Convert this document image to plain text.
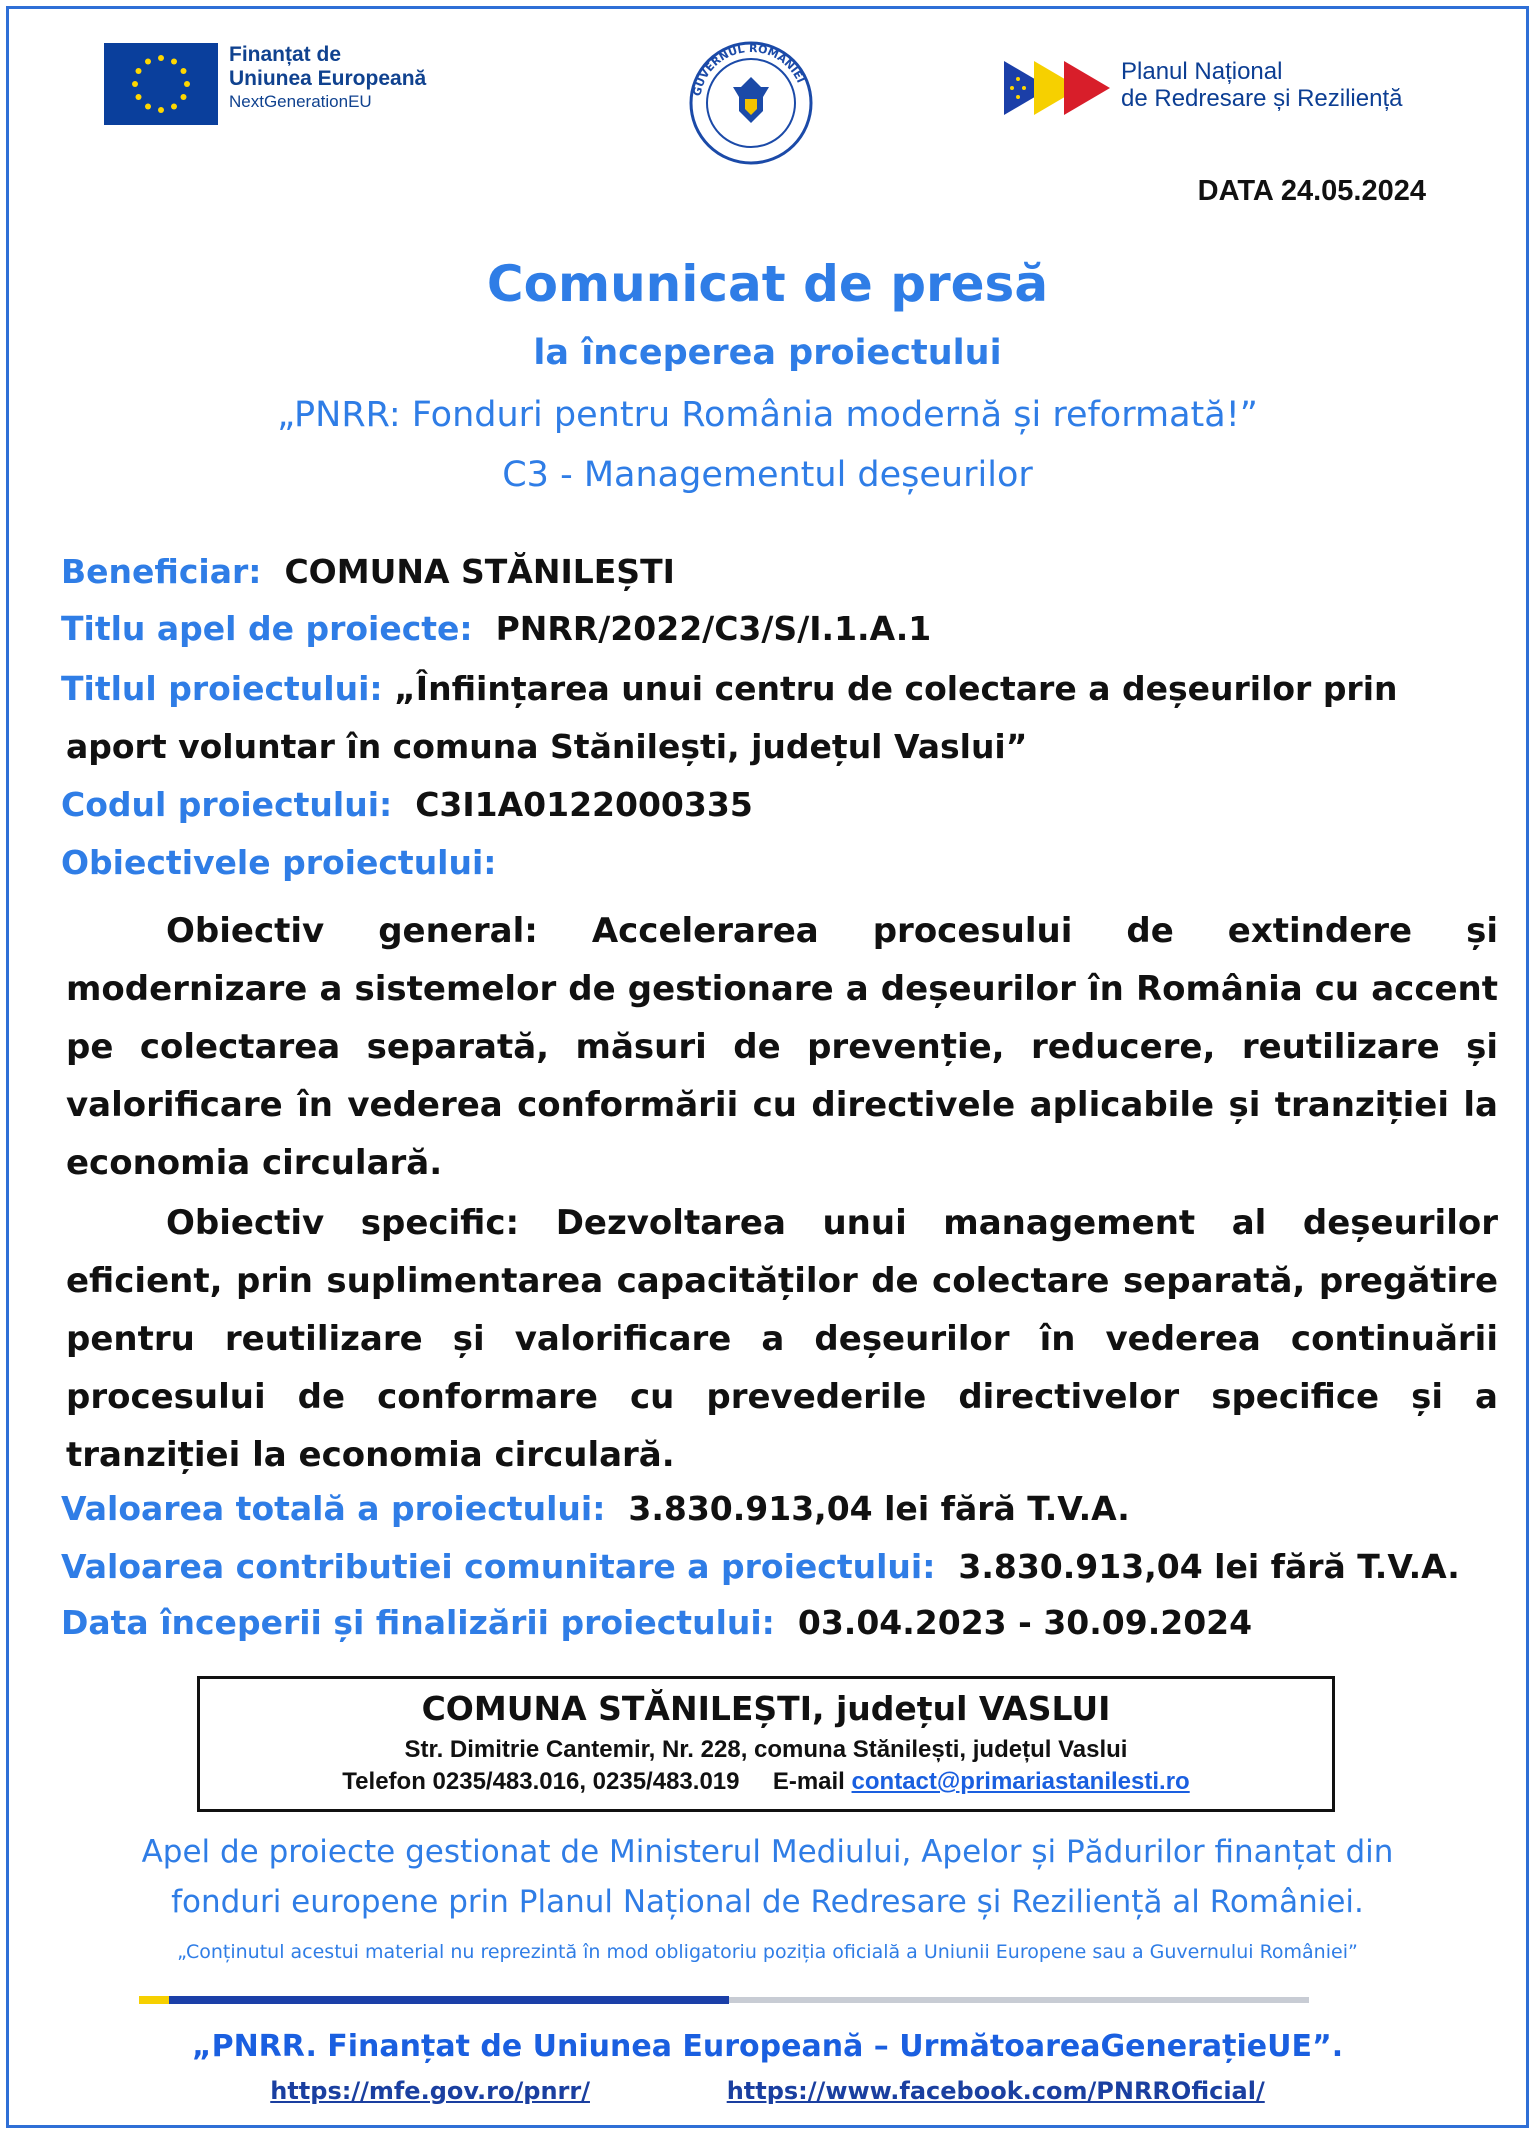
Finanțat de
Uniunea Europeană
NextGenerationEU
GUVERNUL ROMÂNIEI	Planul Național
de Redresare și Reziliență
DATA 24.05.2024
Comunicat de presă
la începerea proiectului
„PNRR: Fonduri pentru România modernă și reformată!”
C3 - Managementul deșeurilor
Beneficiar: COMUNA STĂNILEȘTI
Titlu apel de proiecte: PNRR/2022/C3/S/I.1.A.1
Titlul proiectului: „Înființarea unui centru de colectare a deșeurilor prin
aport voluntar în comuna Stănilești, județul Vaslui”
Codul proiectului: C3I1A0122000335
Obiectivele proiectului:
Obiectiv general: Accelerarea procesului de extindere și modernizare a sistemelor de gestionare a deșeurilor în România cu accent pe colectarea separată, măsuri de prevenție, reducere, reutilizare și valorificare în vederea conformării cu directivele aplicabile și tranziției la economia circulară.
Obiectiv specific: Dezvoltarea unui management al deșeurilor eficient, prin suplimentarea capacităților de colectare separată, pregătire pentru reutilizare și valorificare a deșeurilor în vederea continuării procesului de conformare cu prevederile directivelor specifice și a tranziției la economia circulară.
Valoarea totală a proiectului: 3.830.913,04 lei fără T.V.A.
Valoarea contributiei comunitare a proiectului: 3.830.913,04 lei fără T.V.A.
Data începerii și finalizării proiectului: 03.04.2023 - 30.09.2024
COMUNA STĂNILEȘTI, județul VASLUI
Str. Dimitrie Cantemir, Nr. 228, comuna Stănilești, județul Vaslui
Telefon 0235/483.016, 0235/483.019 E-mail contact@primariastanilesti.ro
Apel de proiecte gestionat de Ministerul Mediului, Apelor și Pădurilor finanțat din
fonduri europene prin Planul Național de Redresare și Reziliență al României.
„Conținutul acestui material nu reprezintă în mod obligatoriu poziția oficială a Uniunii Europene sau a Guvernului României”
„PNRR. Finanțat de Uniunea Europeană – UrmătoareaGenerațieUE”.
https://mfe.gov.ro/pnrr/	https://www.facebook.com/PNRROficial/
